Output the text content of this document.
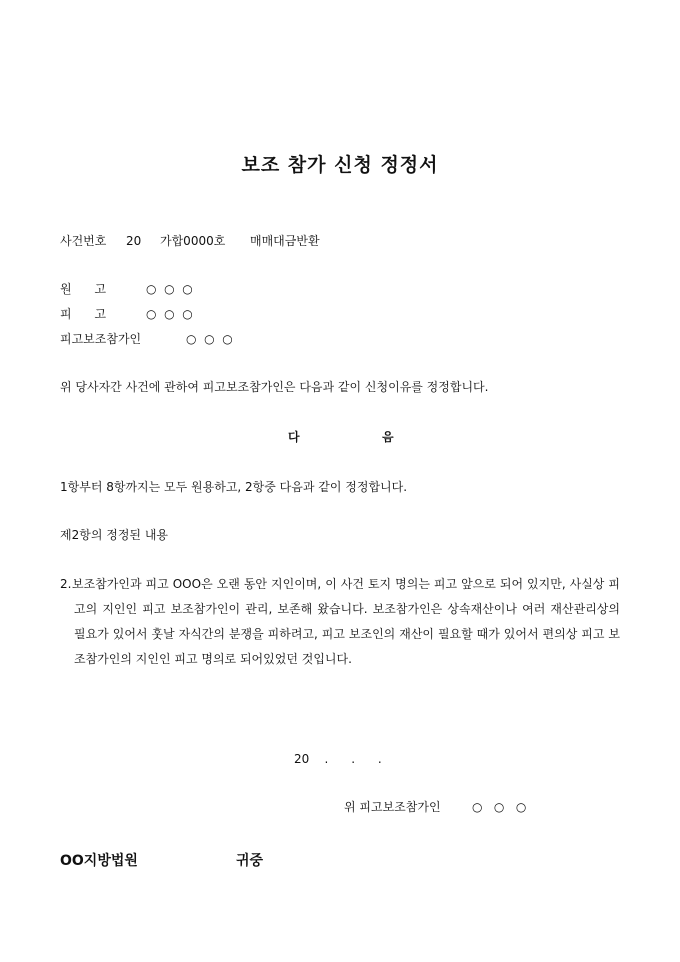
보조 참가 신청 정정서
사건번호 20 가합0000호 매매대금반환
원      고	○  ○  ○
피      고	○  ○  ○
피고보조참가인	○  ○  ○
위 당사자간 사건에 관하여 피고보조참가인은 다음과 같이 신청이유를 정정합니다.
다	음
1항부터 8항까지는 모두 원용하고, 2항중 다음과 같이 정정합니다.
제2항의 정정된 내용
2. 보조참가인과 피고 OOO은 오랜 동안 지인이며, 이 사건 토지 명의는 피고 앞으로 되어 있지만, 사실상 피고의 지인인 피고 보조참가인이 관리, 보존해 왔습니다. 보조참가인은 상속재산이나 여러 재산관리상의 필요가 있어서 훗날 자식간의 분쟁을 피하려고, 피고 보조인의 재산이 필요할 때가 있어서 편의상 피고 보조참가인의 지인인 피고 명의로 되어있었던 것입니다.
20    .      .      .
위 피고보조참가인	○   ○   ○
OO지방법원	귀중
